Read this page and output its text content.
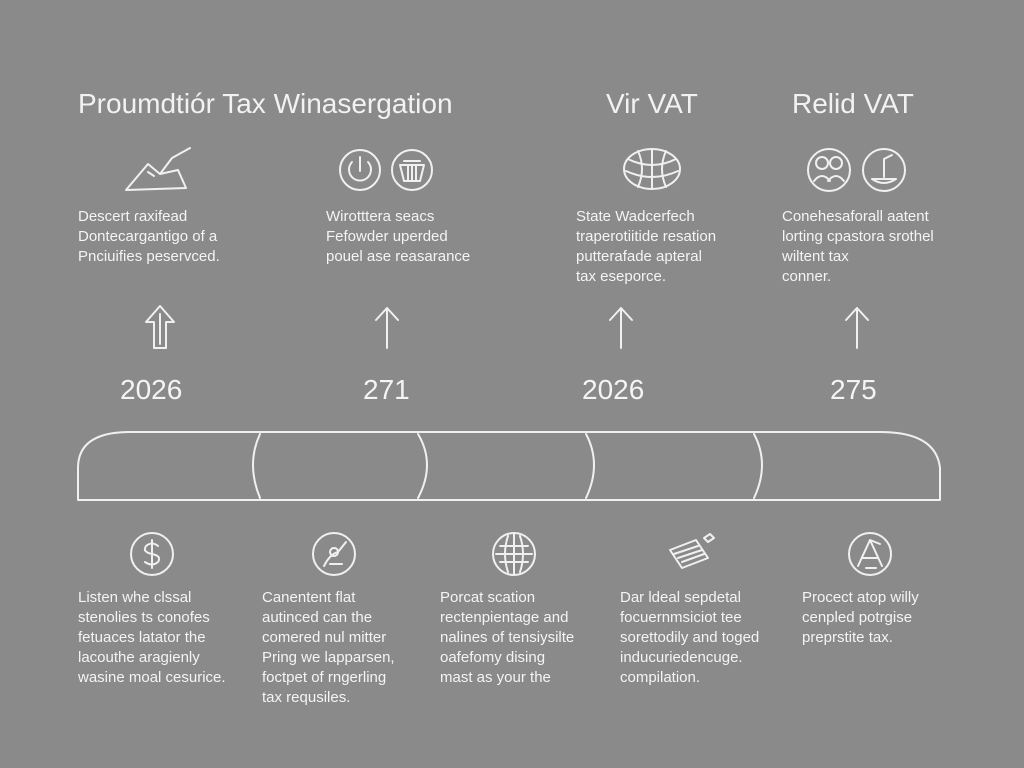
Proumdtiór Tax Winasergation	Vir VAT	Relid VAT
Descert ɾaxifead
Dontecargantigo of a
Pnciuifies peservced.
Wirotttera seacs
Fefowder uperded
pouel ase reasarance
State Wadcerfech
traperotiitide resation
putterafade apteral
tax eseporce.
Conehesaforall aatent
lorting cpastora srothel
wiltent tax
conner.
2026	271	2026	275
Listen whe clssal
stenolies ts conofes
fetuaces latator the
lacouthe aragienly
wasine moal cesurice.
Canentent flat
autinced can the
comered nul mitter
Pring we lapparsen,
foctpet of rngerling
tax requsiles.
Porcat scation
rectenpientage and
nalines of tensiysilte
oafefomy dising
mast as your the
Dar ldeal sepdetal
focuernmsiciot tee
sorettodily and toged
inducuriedencuge.
compilation.
Procect atop willy
cenpled potrgise
preprstite tax.
